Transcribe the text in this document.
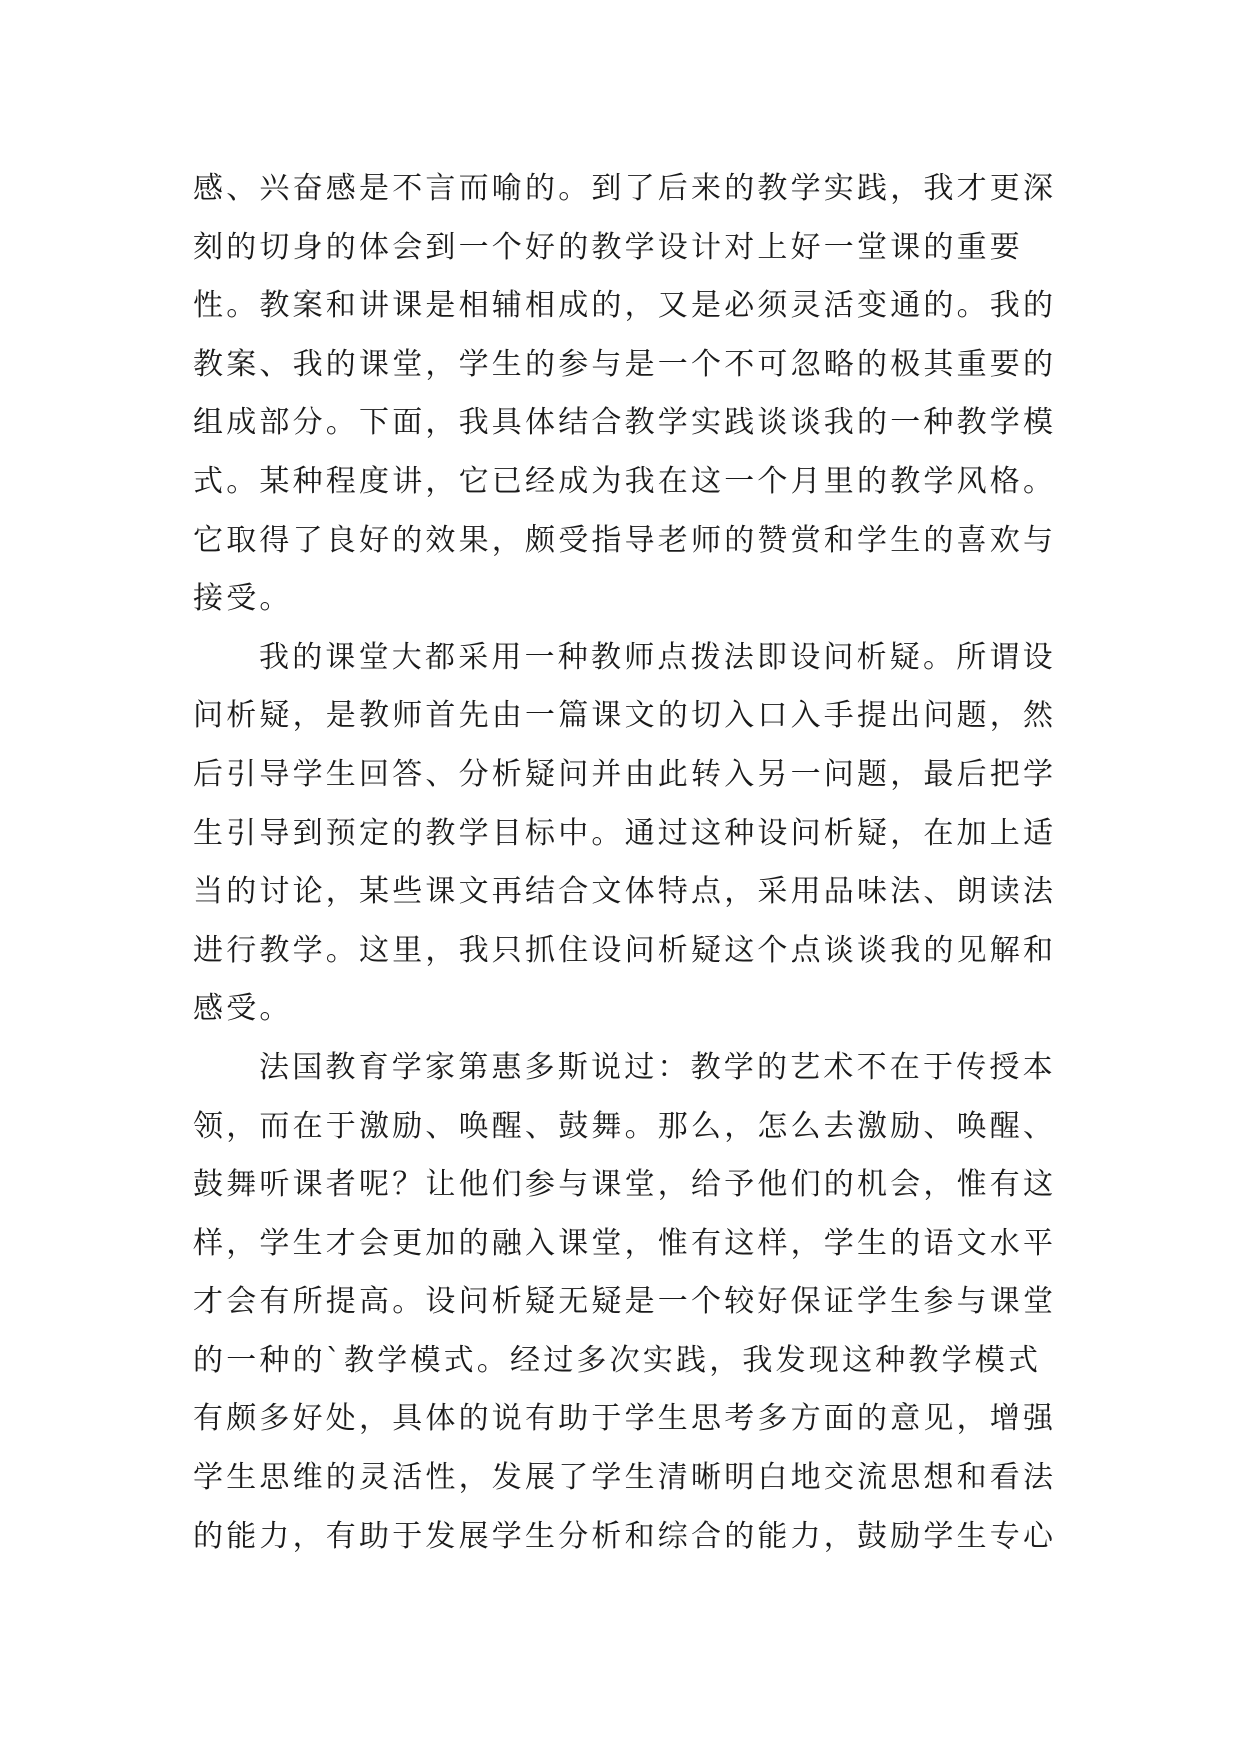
感、兴奋感是不言而喻的。到了后来的教学实践，我才更深
刻的切身的体会到一个好的教学设计对上好一堂课的重要
性。教案和讲课是相辅相成的，又是必须灵活变通的。我的
教案、我的课堂，学生的参与是一个不可忽略的极其重要的
组成部分。下面，我具体结合教学实践谈谈我的一种教学模
式。某种程度讲，它已经成为我在这一个月里的教学风格。
它取得了良好的效果，颇受指导老师的赞赏和学生的喜欢与
接受。
我的课堂大都采用一种教师点拨法即设问析疑。所谓设
问析疑，是教师首先由一篇课文的切入口入手提出问题，然
后引导学生回答、分析疑问并由此转入另一问题，最后把学
生引导到预定的教学目标中。通过这种设问析疑，在加上适
当的讨论，某些课文再结合文体特点，采用品味法、朗读法
进行教学。这里，我只抓住设问析疑这个点谈谈我的见解和
感受。
法国教育学家第惠多斯说过：教学的艺术不在于传授本
领，而在于激励、唤醒、鼓舞。那么，怎么去激励、唤醒、
鼓舞听课者呢？让他们参与课堂，给予他们的机会，惟有这
样，学生才会更加的融入课堂，惟有这样，学生的语文水平
才会有所提高。设问析疑无疑是一个较好保证学生参与课堂
的一种的`教学模式。经过多次实践，我发现这种教学模式
有颇多好处，具体的说有助于学生思考多方面的意见，增强
学生思维的灵活性，发展了学生清晰明白地交流思想和看法
的能力，有助于发展学生分析和综合的能力，鼓励学生专心
